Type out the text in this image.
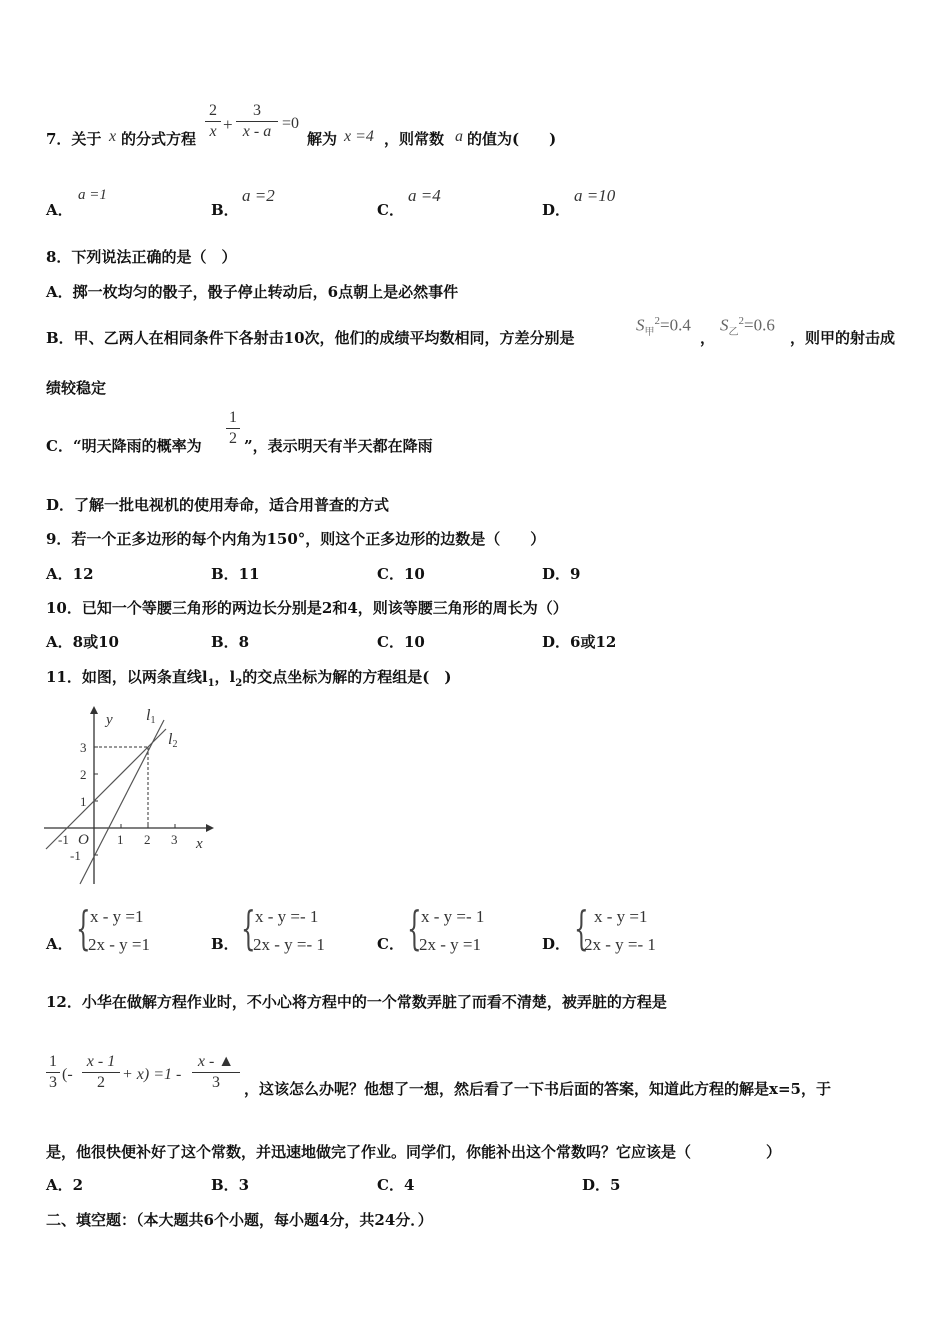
7．关于 x 的分式方程
2
x +
3
x - a =0
解为 x =4 ，则常数 a 的值为(　　)
A．
a =1
B．
a =2
C．
a =4
D．
a =10
8．下列说法正确的是（　）
A．掷一枚均匀的骰子，骰子停止转动后，6点朝上是必然事件
B．甲、乙两人在相同条件下各射击10次，他们的成绩平均数相同，方差分别是
$S_甲^2=0.4$
，
$S_乙^2=0.6$
，则甲的射击成
绩较稳定
C．“明天降雨的概率为
1
2 ”，表示明天有半天都在降雨
D．了解一批电视机的使用寿命，适合用普查的方式
9．若一个正多边形的每个内角为150°，则这个正多边形的边数是（　　）
A．12	B．11	C．10	D．9
10．已知一个等腰三角形的两边长分别是2和4，则该等腰三角形的周长为（）
A．8或10	B．8	C．10	D．6或12
11．如图，以两条直线$l_1$，$l_2$的交点坐标为解的方程组是(　)
y
x
O
l1
l2
3
2
1
-1
-1	1 2 3
A． { x - y =1
2x - y =1	B． { x - y =- 1
2x - y =- 1	C． { x - y =- 1
2x - y =1	D． { x - y =1
2x - y =- 1
12．小华在做解方程作业时，不小心将方程中的一个常数弄脏了而看不清楚，被弄脏的方程是
1
3 (-
x - 1
2	+ x) =1 -
x - ▲
3	，这该怎么办呢？他想了一想，然后看了一下书后面的答案，知道此方程的解是x=5，于
是，他很快便补好了这个常数，并迅速地做完了作业。同学们，你能补出这个常数吗？它应该是（　　　　　）
A．2	B．3	C．4	D．5
二、填空题：（本大题共6个小题，每小题4分，共24分．）
